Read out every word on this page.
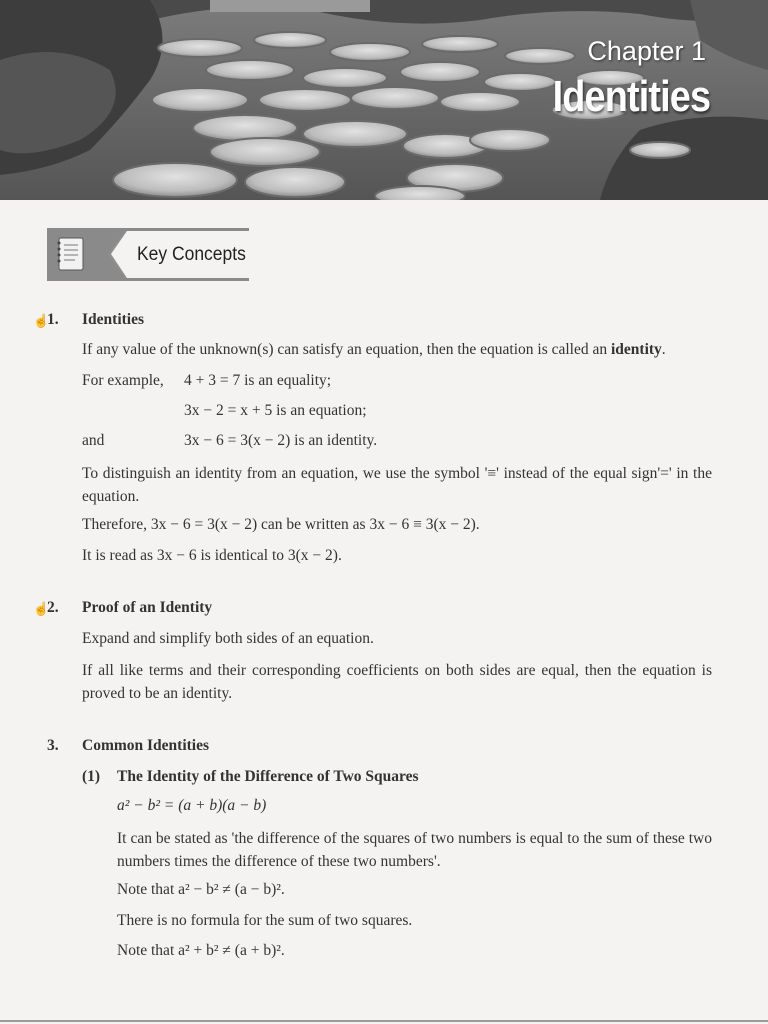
Chapter 1
Identities
Key Concepts
☝
1. Identities
If any value of the unknown(s) can satisfy an equation, then the equation is called an identity.
For example, 4 + 3 = 7 is an equality;
3x − 2 = x + 5 is an equation;
and	3x − 6 = 3(x − 2) is an identity.
To distinguish an identity from an equation, we use the symbol '≡' instead of the equal sign'=' in the equation.
Therefore, 3x − 6 = 3(x − 2) can be written as 3x − 6 ≡ 3(x − 2).
It is read as 3x − 6 is identical to 3(x − 2).
☝
2. Proof of an Identity
Expand and simplify both sides of an equation.
If all like terms and their corresponding coefficients on both sides are equal, then the equation is proved to be an identity.
3. Common Identities
(1) The Identity of the Difference of Two Squares
a² − b² = (a + b)(a − b)
It can be stated as 'the difference of the squares of two numbers is equal to the sum of these two numbers times the difference of these two numbers'.
Note that a² − b² ≠ (a − b)².
There is no formula for the sum of two squares.
Note that a² + b² ≠ (a + b)².
